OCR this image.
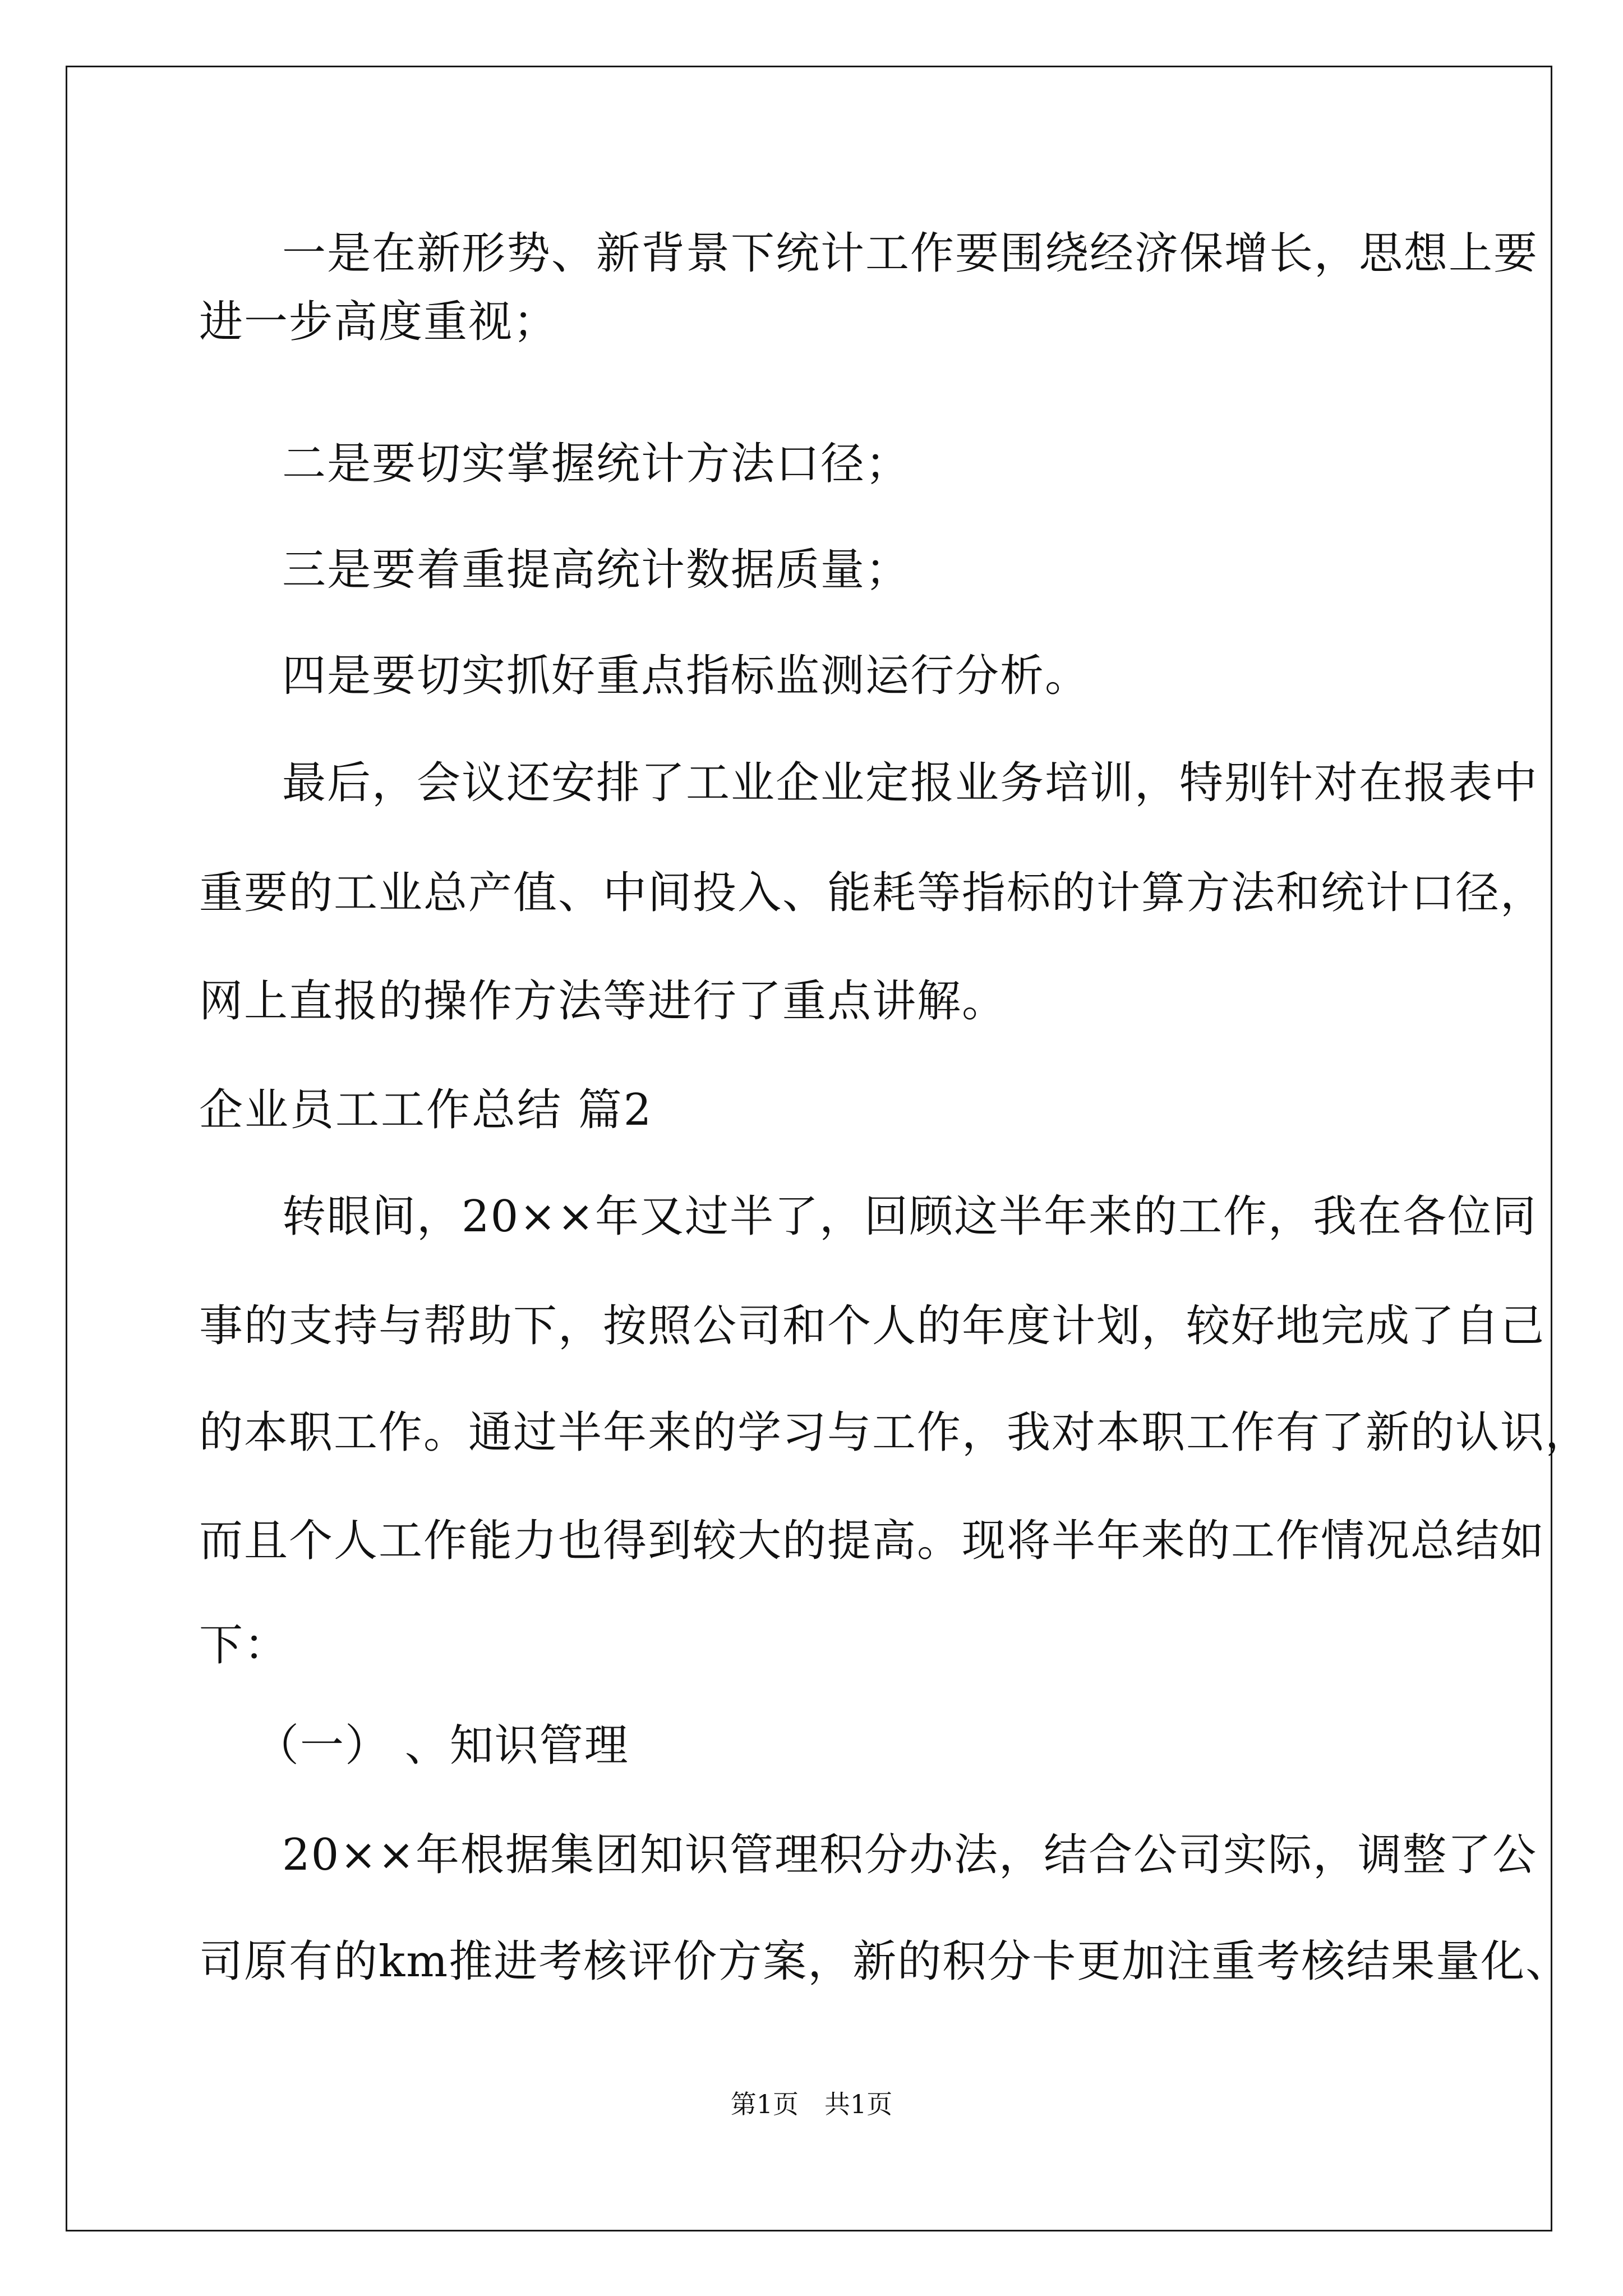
一是在新形势、新背景下统计工作要围绕经济保增长，思想上要
进一步高度重视；
二是要切实掌握统计方法口径；
三是要着重提高统计数据质量；
四是要切实抓好重点指标监测运行分析。
最后，会议还安排了工业企业定报业务培训，特别针对在报表中
重要的工业总产值、中间投入、能耗等指标的计算方法和统计口径，
网上直报的操作方法等进行了重点讲解。
企业员工工作总结 篇2
转眼间，20××年又过半了，回顾这半年来的工作，我在各位同
事的支持与帮助下，按照公司和个人的年度计划，较好地完成了自己
的本职工作。通过半年来的学习与工作，我对本职工作有了新的认识，
而且个人工作能力也得到较大的提高。现将半年来的工作情况总结如
下：
（一） 、知识管理
20××年根据集团知识管理积分办法，结合公司实际，调整了公
司原有的km推进考核评价方案，新的积分卡更加注重考核结果量化、
第1页　共1页
